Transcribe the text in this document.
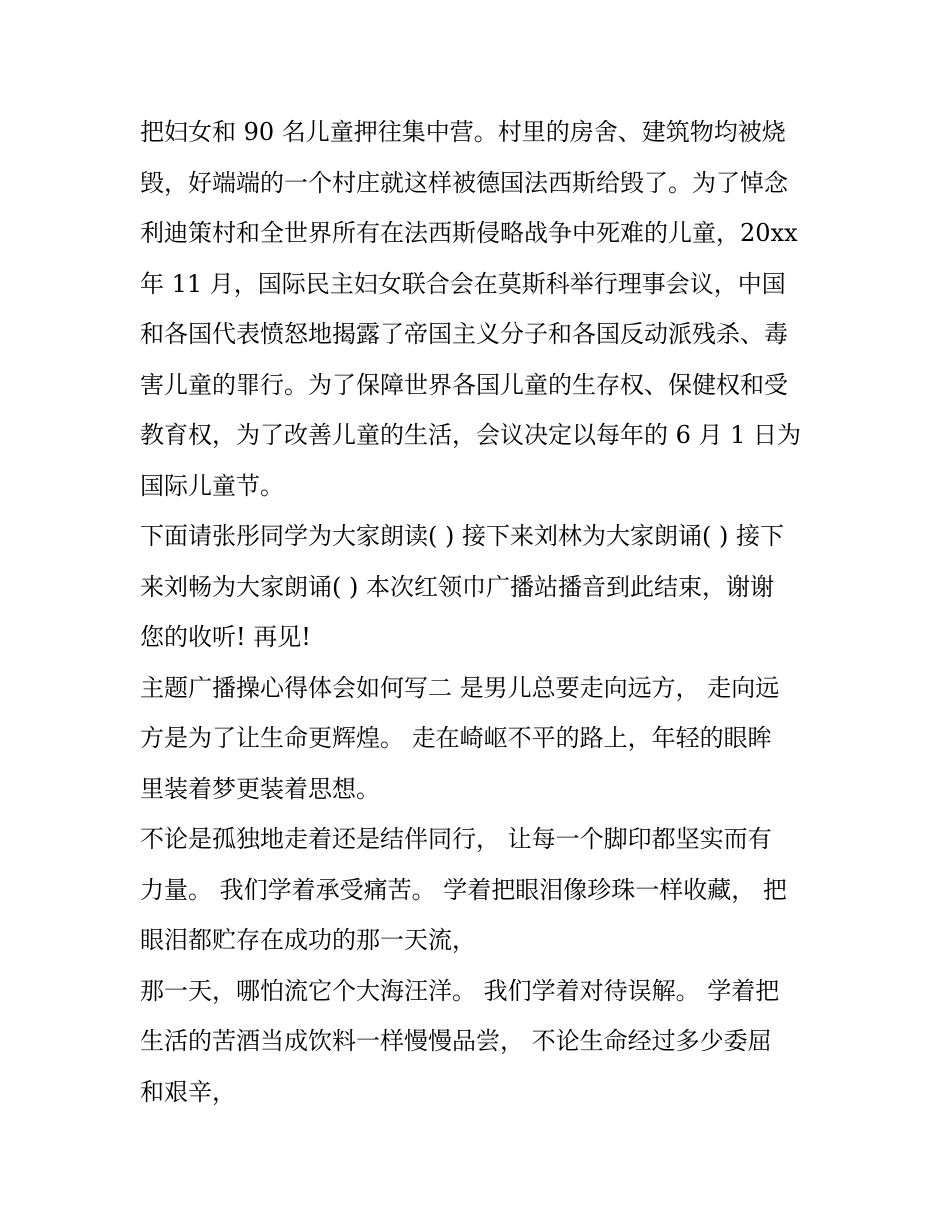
把妇女和 90 名儿童押往集中营。村里的房舍、建筑物均被烧
毁，好端端的一个村庄就这样被德国法西斯给毁了。为了悼念
利迪策村和全世界所有在法西斯侵略战争中死难的儿童，20xx
年 11 月，国际民主妇女联合会在莫斯科举行理事会议，中国
和各国代表愤怒地揭露了帝国主义分子和各国反动派残杀、毒
害儿童的罪行。为了保障世界各国儿童的生存权、保健权和受
教育权，为了改善儿童的生活，会议决定以每年的 6 月 1 日为
国际儿童节。

下面请张彤同学为大家朗读( ) 接下来刘林为大家朗诵( ) 接下
来刘畅为大家朗诵( ) 本次红领巾广播站播音到此结束，谢谢
您的收听! 再见!

主题广播操心得体会如何写二 是男儿总要走向远方， 走向远
方是为了让生命更辉煌。 走在崎岖不平的路上，年轻的眼眸
里装着梦更装着思想。

不论是孤独地走着还是结伴同行， 让每一个脚印都坚实而有
力量。 我们学着承受痛苦。 学着把眼泪像珍珠一样收藏， 把
眼泪都贮存在成功的那一天流，

那一天，哪怕流它个大海汪洋。 我们学着对待误解。 学着把
生活的苦酒当成饮料一样慢慢品尝， 不论生命经过多少委屈
和艰辛，
